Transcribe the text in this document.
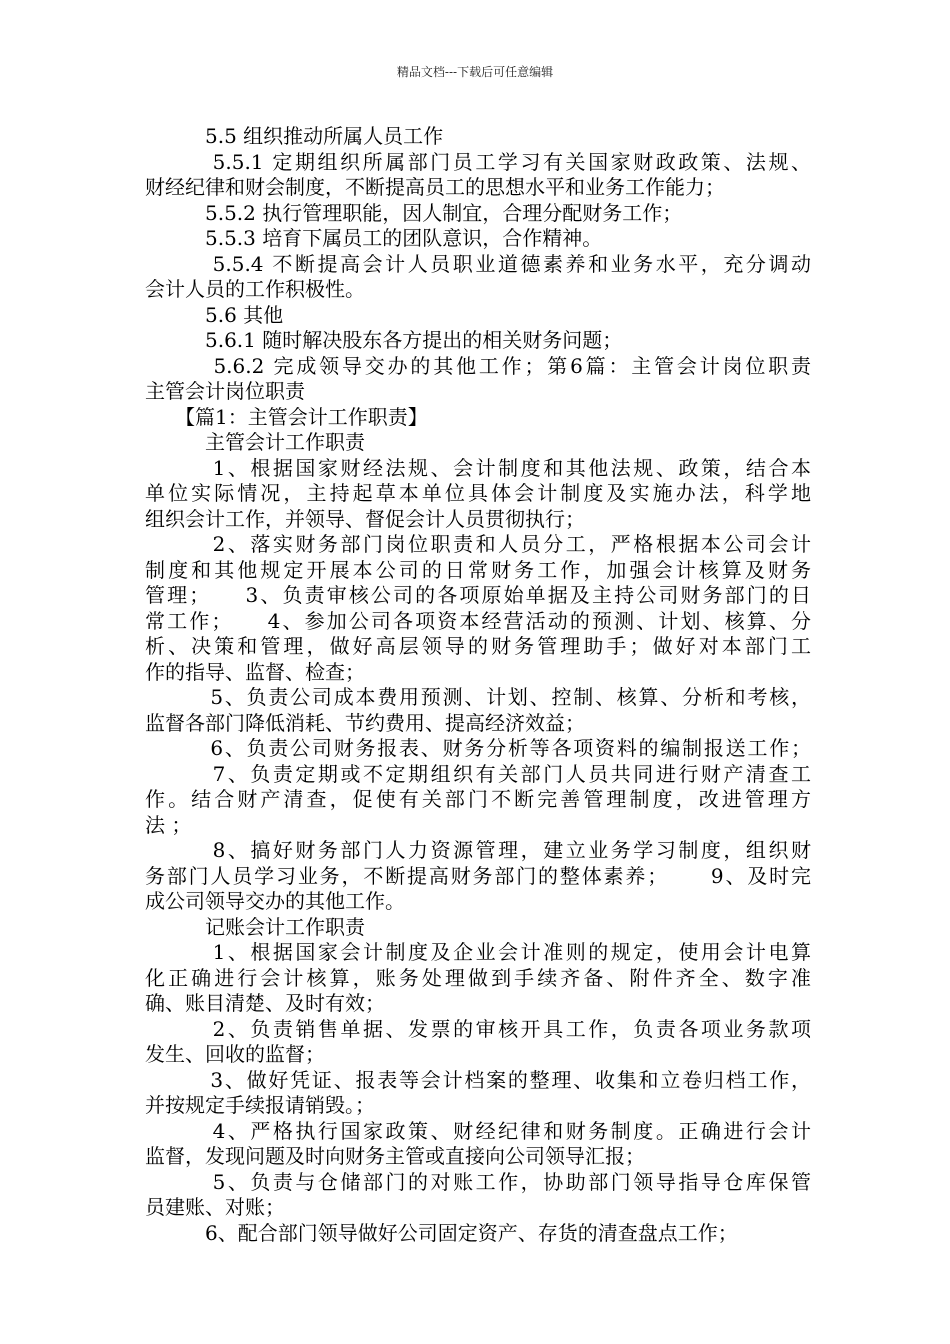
精品文档---下载后可任意编辑
　　　5.5 组织推动所属人员工作
　　　5.5.1 定期组织所属部门员工学习有关国家财政政策、法规、
财经纪律和财会制度，不断提高员工的思想水平和业务工作能力；
　　　5.5.2 执行管理职能，因人制宜，合理分配财务工作；
　　　5.5.3 培育下属员工的团队意识，合作精神。
　　　5.5.4 不断提高会计人员职业道德素养和业务水平，充分调动
会计人员的工作积极性。
　　　5.6 其他
　　　5.6.1 随时解决股东各方提出的相关财务问题；
　　　5.6.2 完成领导交办的其他工作；第6篇：主管会计岗位职责
主管会计岗位职责
　　【篇1：主管会计工作职责】
　　　主管会计工作职责
　　　1、根据国家财经法规、会计制度和其他法规、政策，结合本
单位实际情况，主持起草本单位具体会计制度及实施办法，科学地
组织会计工作，并领导、督促会计人员贯彻执行；
　　　2、落实财务部门岗位职责和人员分工，严格根据本公司会计
制度和其他规定开展本公司的日常财务工作，加强会计核算及财务
管理；　　3、负责审核公司的各项原始单据及主持公司财务部门的日
常工作；　　4、参加公司各项资本经营活动的预测、计划、核算、分
析、决策和管理，做好高层领导的财务管理助手；做好对本部门工
作的指导、监督、检查；
　　　5、负责公司成本费用预测、计划、控制、核算、分析和考核，
监督各部门降低消耗、节约费用、提高经济效益；
　　　6、负责公司财务报表、财务分析等各项资料的编制报送工作；
　　　7、负责定期或不定期组织有关部门人员共同进行财产清查工
作。结合财产清查，促使有关部门不断完善管理制度，改进管理方
法 ；
　　　8、搞好财务部门人力资源管理，建立业务学习制度，组织财
务部门人员学习业务，不断提高财务部门的整体素养；　　 9、及时完
成公司领导交办的其他工作。
　　　记账会计工作职责
　　　1、根据国家会计制度及企业会计准则的规定，使用会计电算
化正确进行会计核算，账务处理做到手续齐备、附件齐全、数字准
确、账目清楚、及时有效；
　　　2、负责销售单据、发票的审核开具工作，负责各项业务款项
发生、回收的监督；
　　　3、做好凭证、报表等会计档案的整理、收集和立卷归档工作，
并按规定手续报请销毁。；
　　　4、严格执行国家政策、财经纪律和财务制度。正确进行会计
监督，发现问题及时向财务主管或直接向公司领导汇报；
　　　5、负责与仓储部门的对账工作，协助部门领导指导仓库保管
员建账、对账；
　　　6、配合部门领导做好公司固定资产、存货的清查盘点工作；
